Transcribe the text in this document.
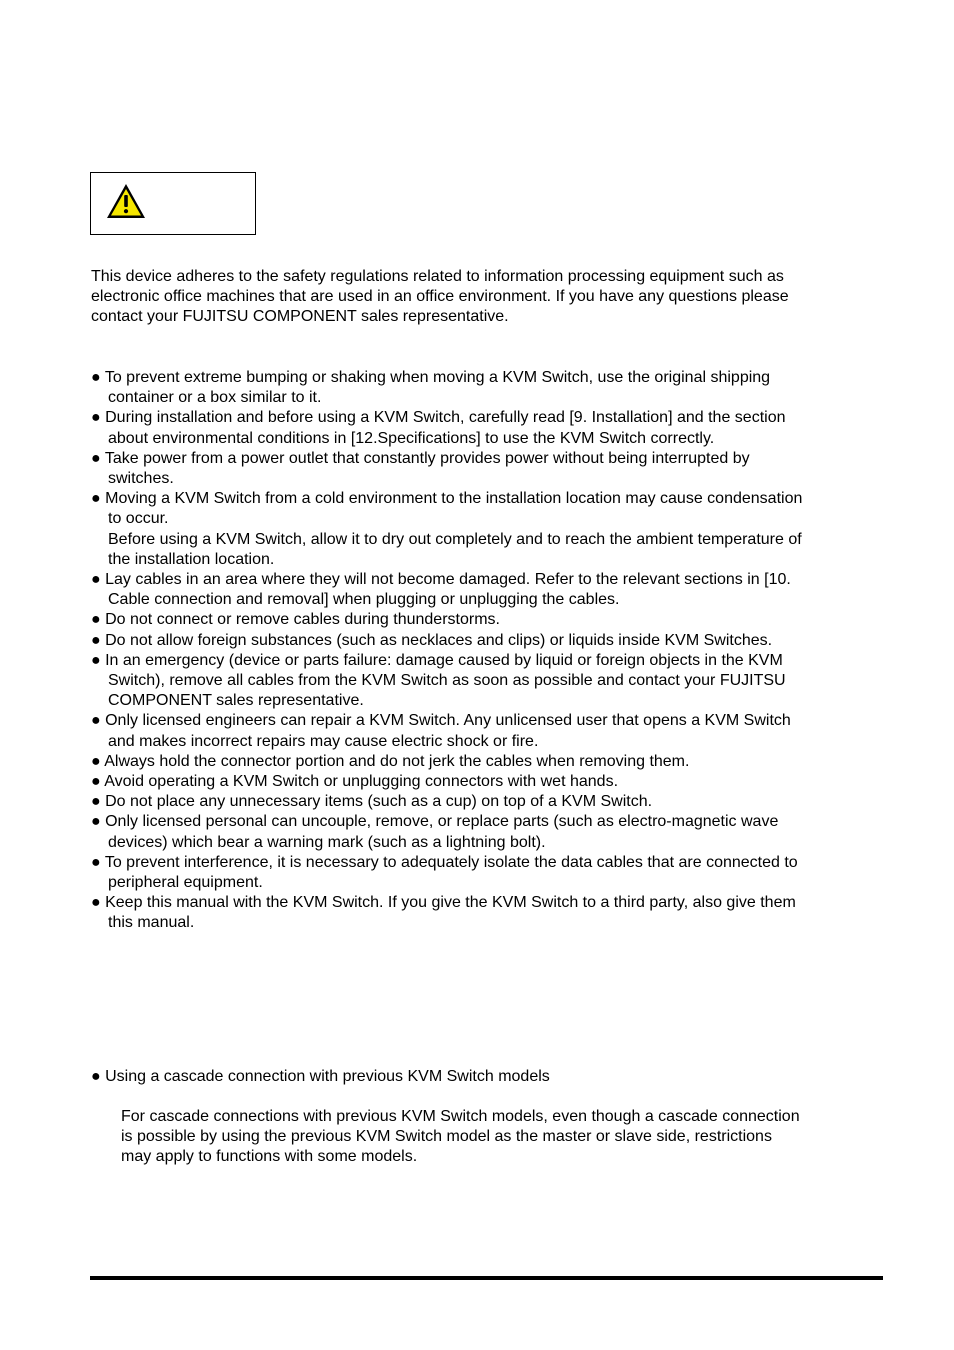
This device adheres to the safety regulations related to information processing equipment such as
electronic office machines that are used in an office environment. If you have any questions please
contact your FUJITSU COMPONENT sales representative.
● To prevent extreme bumping or shaking when moving a KVM Switch, use the original shipping
container or a box similar to it.
● During installation and before using a KVM Switch, carefully read [9. Installation] and the section
about environmental conditions in [12.Specifications] to use the KVM Switch correctly.
● Take power from a power outlet that constantly provides power without being interrupted by
switches.
● Moving a KVM Switch from a cold environment to the installation location may cause condensation
to occur.
Before using a KVM Switch, allow it to dry out completely and to reach the ambient temperature of
the installation location.
● Lay cables in an area where they will not become damaged. Refer to the relevant sections in [10.
Cable connection and removal] when plugging or unplugging the cables.
● Do not connect or remove cables during thunderstorms.
● Do not allow foreign substances (such as necklaces and clips) or liquids inside KVM Switches.
● In an emergency (device or parts failure: damage caused by liquid or foreign objects in the KVM
Switch), remove all cables from the KVM Switch as soon as possible and contact your FUJITSU
COMPONENT sales representative.
● Only licensed engineers can repair a KVM Switch. Any unlicensed user that opens a KVM Switch
and makes incorrect repairs may cause electric shock or fire.
● Always hold the connector portion and do not jerk the cables when removing them.
● Avoid operating a KVM Switch or unplugging connectors with wet hands.
● Do not place any unnecessary items (such as a cup) on top of a KVM Switch.
● Only licensed personal can uncouple, remove, or replace parts (such as electro-magnetic wave
devices) which bear a warning mark (such as a lightning bolt).
● To prevent interference, it is necessary to adequately isolate the data cables that are connected to
peripheral equipment.
● Keep this manual with the KVM Switch. If you give the KVM Switch to a third party, also give them
this manual.
● Using a cascade connection with previous KVM Switch models
For cascade connections with previous KVM Switch models, even though a cascade connection
is possible by using the previous KVM Switch model as the master or slave side, restrictions
may apply to functions with some models.
